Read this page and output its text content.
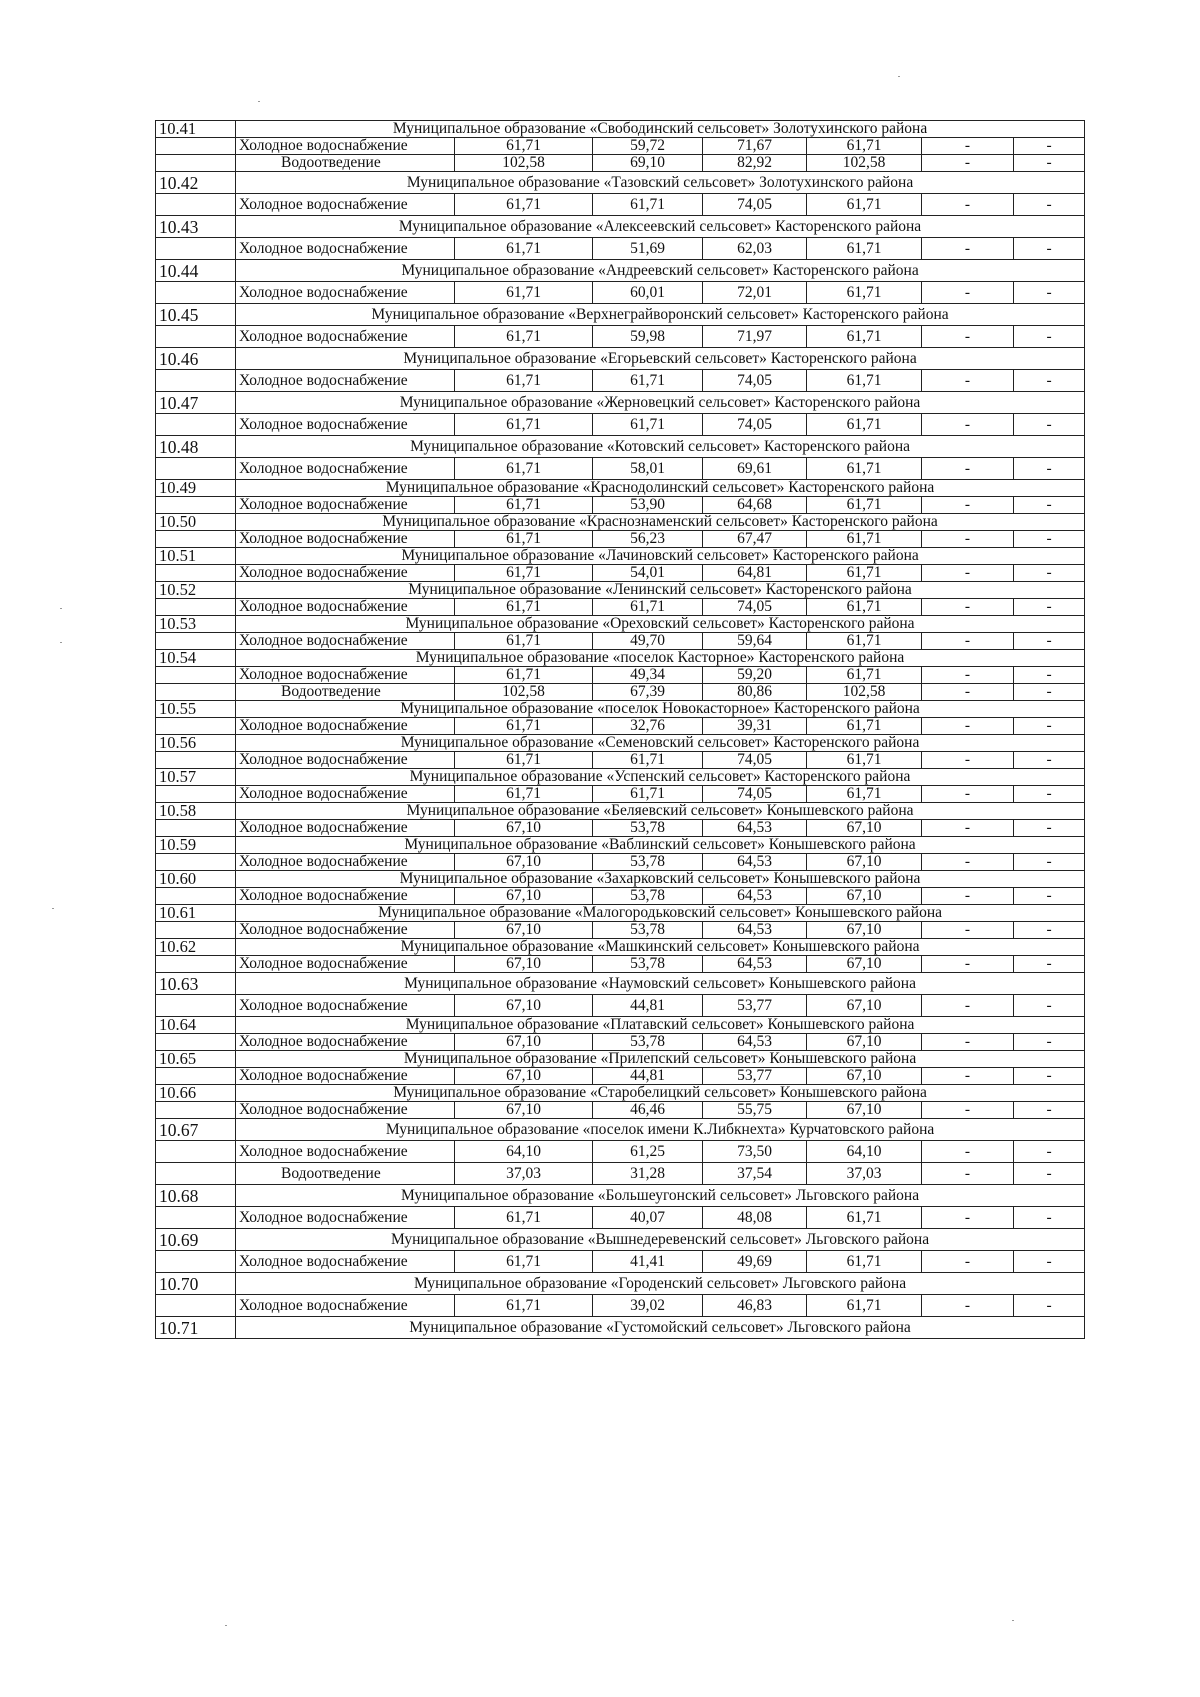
10.41	Муниципальное образование «Свободинский сельсовет» Золотухинского района						
	Холодное водоснабжение	61,71	59,72	71,67	61,71	-	-
	Водоотведение	102,58	69,10	82,92	102,58	-	-
10.42	Муниципальное образование «Тазовский сельсовет» Золотухинского района						
	Холодное водоснабжение	61,71	61,71	74,05	61,71	-	-
10.43	Муниципальное образование «Алексеевский сельсовет» Касторенского района						
	Холодное водоснабжение	61,71	51,69	62,03	61,71	-	-
10.44	Муниципальное образование «Андреевский сельсовет» Касторенского района						
	Холодное водоснабжение	61,71	60,01	72,01	61,71	-	-
10.45	Муниципальное образование «Верхнеграйворонский сельсовет» Касторенского района						
	Холодное водоснабжение	61,71	59,98	71,97	61,71	-	-
10.46	Муниципальное образование «Егорьевский сельсовет» Касторенского района						
	Холодное водоснабжение	61,71	61,71	74,05	61,71	-	-
10.47	Муниципальное образование «Жерновецкий сельсовет» Касторенского района						
	Холодное водоснабжение	61,71	61,71	74,05	61,71	-	-
10.48	Муниципальное образование «Котовский сельсовет» Касторенского района						
	Холодное водоснабжение	61,71	58,01	69,61	61,71	-	-
10.49	Муниципальное образование «Краснодолинский сельсовет» Касторенского района						
	Холодное водоснабжение	61,71	53,90	64,68	61,71	-	-
10.50	Муниципальное образование «Краснознаменский сельсовет» Касторенского района						
	Холодное водоснабжение	61,71	56,23	67,47	61,71	-	-
10.51	Муниципальное образование «Лачиновский сельсовет» Касторенского района						
	Холодное водоснабжение	61,71	54,01	64,81	61,71	-	-
10.52	Муниципальное образование «Ленинский сельсовет» Касторенского района						
	Холодное водоснабжение	61,71	61,71	74,05	61,71	-	-
10.53	Муниципальное образование «Ореховский сельсовет» Касторенского района						
	Холодное водоснабжение	61,71	49,70	59,64	61,71	-	-
10.54	Муниципальное образование «поселок Касторное» Касторенского района						
	Холодное водоснабжение	61,71	49,34	59,20	61,71	-	-
	Водоотведение	102,58	67,39	80,86	102,58	-	-
10.55	Муниципальное образование «поселок Новокасторное» Касторенского района						
	Холодное водоснабжение	61,71	32,76	39,31	61,71	-	-
10.56	Муниципальное образование «Семеновский сельсовет» Касторенского района						
	Холодное водоснабжение	61,71	61,71	74,05	61,71	-	-
10.57	Муниципальное образование «Успенский сельсовет» Касторенского района						
	Холодное водоснабжение	61,71	61,71	74,05	61,71	-	-
10.58	Муниципальное образование «Беляевский сельсовет» Конышевского района						
	Холодное водоснабжение	67,10	53,78	64,53	67,10	-	-
10.59	Муниципальное образование «Ваблинский сельсовет» Конышевского района						
	Холодное водоснабжение	67,10	53,78	64,53	67,10	-	-
10.60	Муниципальное образование «Захарковский сельсовет» Конышевского района						
	Холодное водоснабжение	67,10	53,78	64,53	67,10	-	-
10.61	Муниципальное образование «Малогородьковский сельсовет» Конышевского района						
	Холодное водоснабжение	67,10	53,78	64,53	67,10	-	-
10.62	Муниципальное образование «Машкинский сельсовет» Конышевского района						
	Холодное водоснабжение	67,10	53,78	64,53	67,10	-	-
10.63	Муниципальное образование «Наумовский сельсовет» Конышевского района						
	Холодное водоснабжение	67,10	44,81	53,77	67,10	-	-
10.64	Муниципальное образование «Платавский сельсовет» Конышевского района						
	Холодное водоснабжение	67,10	53,78	64,53	67,10	-	-
10.65	Муниципальное образование «Прилепский сельсовет» Конышевского района						
	Холодное водоснабжение	67,10	44,81	53,77	67,10	-	-
10.66	Муниципальное образование «Старобелицкий сельсовет» Конышевского района						
	Холодное водоснабжение	67,10	46,46	55,75	67,10	-	-
10.67	Муниципальное образование «поселок имени К.Либкнехта» Курчатовского района						
	Холодное водоснабжение	64,10	61,25	73,50	64,10	-	-
	Водоотведение	37,03	31,28	37,54	37,03	-	-
10.68	Муниципальное образование «Большеугонский сельсовет» Льговского района						
	Холодное водоснабжение	61,71	40,07	48,08	61,71	-	-
10.69	Муниципальное образование «Вышнедеревенский сельсовет» Льговского района						
	Холодное водоснабжение	61,71	41,41	49,69	61,71	-	-
10.70	Муниципальное образование «Городенский сельсовет» Льговского района						
	Холодное водоснабжение	61,71	39,02	46,83	61,71	-	-
10.71	Муниципальное образование «Густомойский сельсовет» Льговского района						
